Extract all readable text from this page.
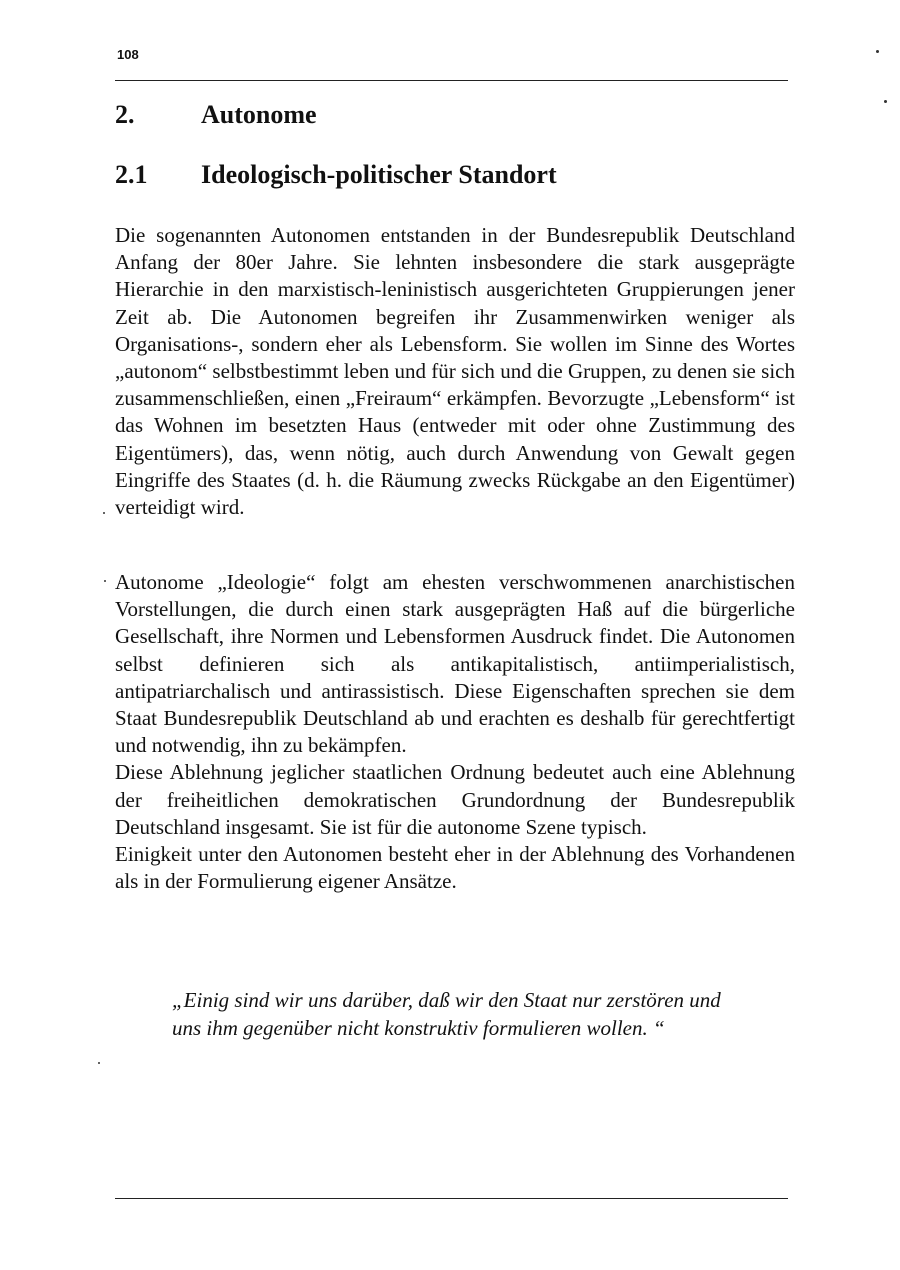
108
2.	Autonome
2.1 Ideologisch-politischer Standort

Die sogenannten Autonomen entstanden in der Bundesrepublik Deutschland Anfang der 80er Jahre. Sie lehnten insbesondere die stark ausgeprägte Hierarchie in den marxistisch-leninistisch ausgerichteten Gruppierungen jener Zeit ab. Die Autonomen begreifen ihr Zusammenwirken weniger als Organisations-, sondern eher als Lebensform. Sie wollen im Sinne des Wortes „autonom“ selbstbestimmt leben und für sich und die Gruppen, zu denen sie sich zusammenschließen, einen „Freiraum“ erkämpfen. Bevorzugte „Lebensform“ ist das Wohnen im besetzten Haus (entweder mit oder ohne Zustimmung des Eigentümers), das, wenn nötig, auch durch Anwendung von Gewalt gegen Eingriffe des Staates (d. h. die Räumung zwecks Rückgabe an den Eigentümer) verteidigt wird.

Autonome „Ideologie“ folgt am ehesten verschwommenen anarchistischen Vorstellungen, die durch einen stark ausgeprägten Haß auf die bürgerliche Gesellschaft, ihre Normen und Lebensformen Ausdruck findet. Die Autonomen selbst definieren sich als antikapitalistisch, antiimperialistisch, antipatriarchalisch und antirassistisch. Diese Eigenschaften sprechen sie dem Staat Bundesrepublik Deutschland ab und erachten es deshalb für gerechtfertigt und notwendig, ihn zu bekämpfen.

Diese Ablehnung jeglicher staatlichen Ordnung bedeutet auch eine Ablehnung der freiheitlichen demokratischen Grundordnung der Bundesrepublik Deutschland insgesamt. Sie ist für die autonome Szene typisch.

Einigkeit unter den Autonomen besteht eher in der Ablehnung des Vorhandenen als in der Formulierung eigener Ansätze.

„Einig sind wir uns darüber, daß wir den Staat nur zerstören und uns ihm gegenüber nicht konstruktiv formulieren wollen. “
